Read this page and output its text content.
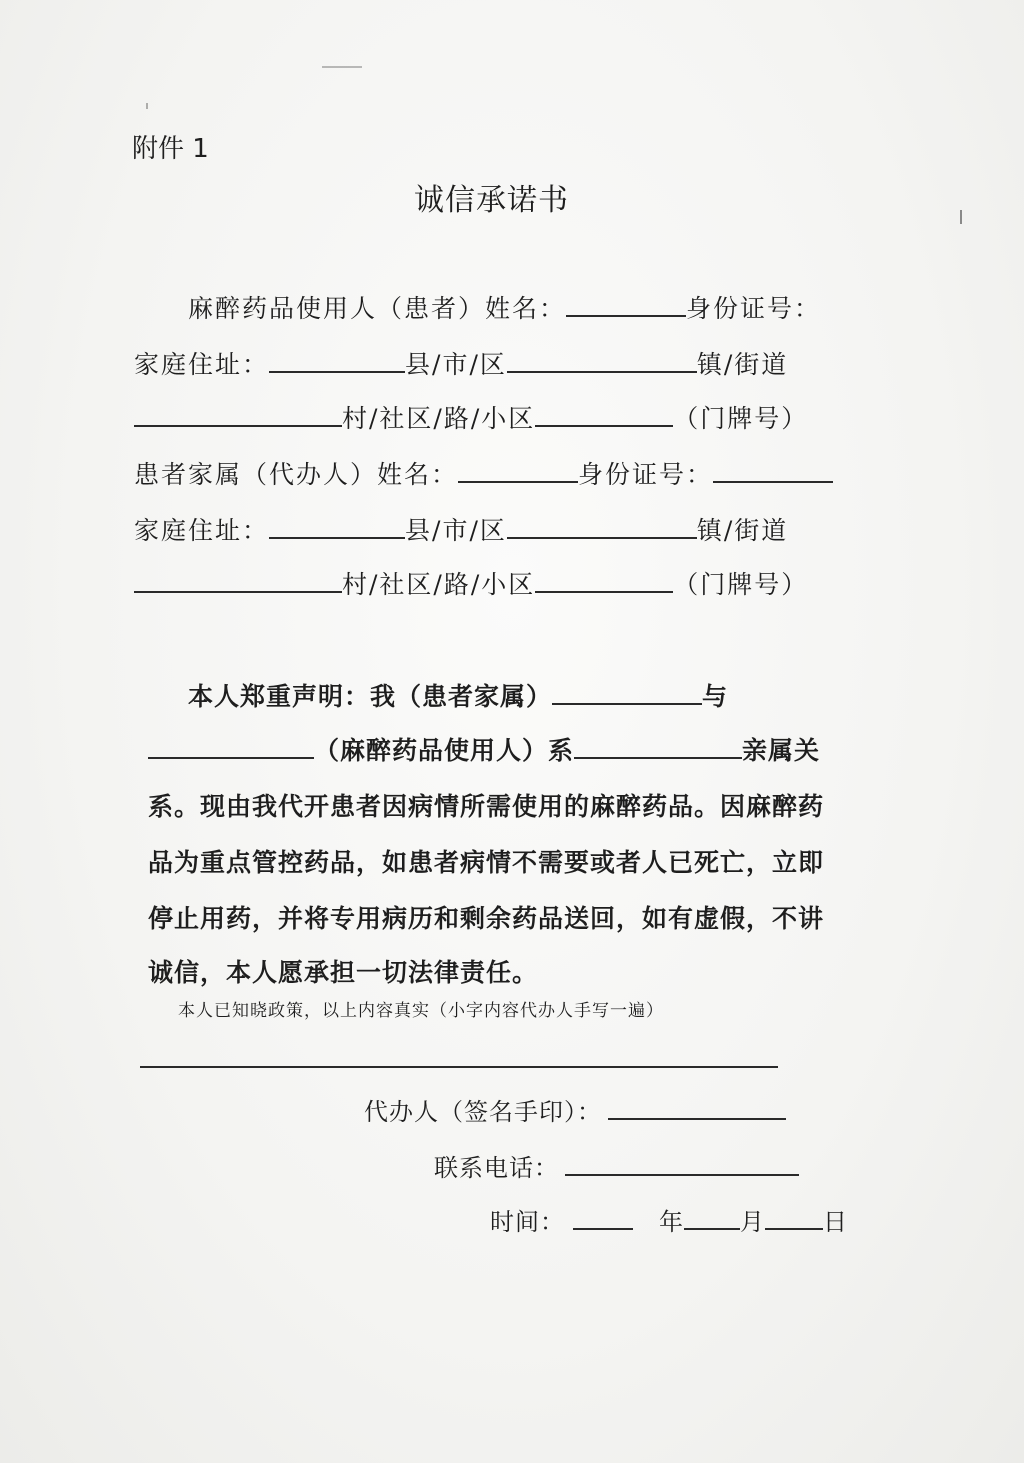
附件 1
诚信承诺书
麻醉药品使用人（患者）姓名：	身份证号：
家庭住址：	县/市/区	镇/街道
村/社区/路/小区	（门牌号）
患者家属（代办人）姓名：	身份证号：
家庭住址：	县/市/区	镇/街道
村/社区/路/小区	（门牌号）
本人郑重声明：我（患者家属）	与
（麻醉药品使用人）系	亲属关
系。现由我代开患者因病情所需使用的麻醉药品。因麻醉药
品为重点管控药品，如患者病情不需要或者人已死亡，立即
停止用药，并将专用病历和剩余药品送回，如有虚假，不讲
诚信，本人愿承担一切法律责任。
本人已知晓政策，以上内容真实（小字内容代办人手写一遍）
代办人（签名手印）：
联系电话：
时间：	年 月 日
